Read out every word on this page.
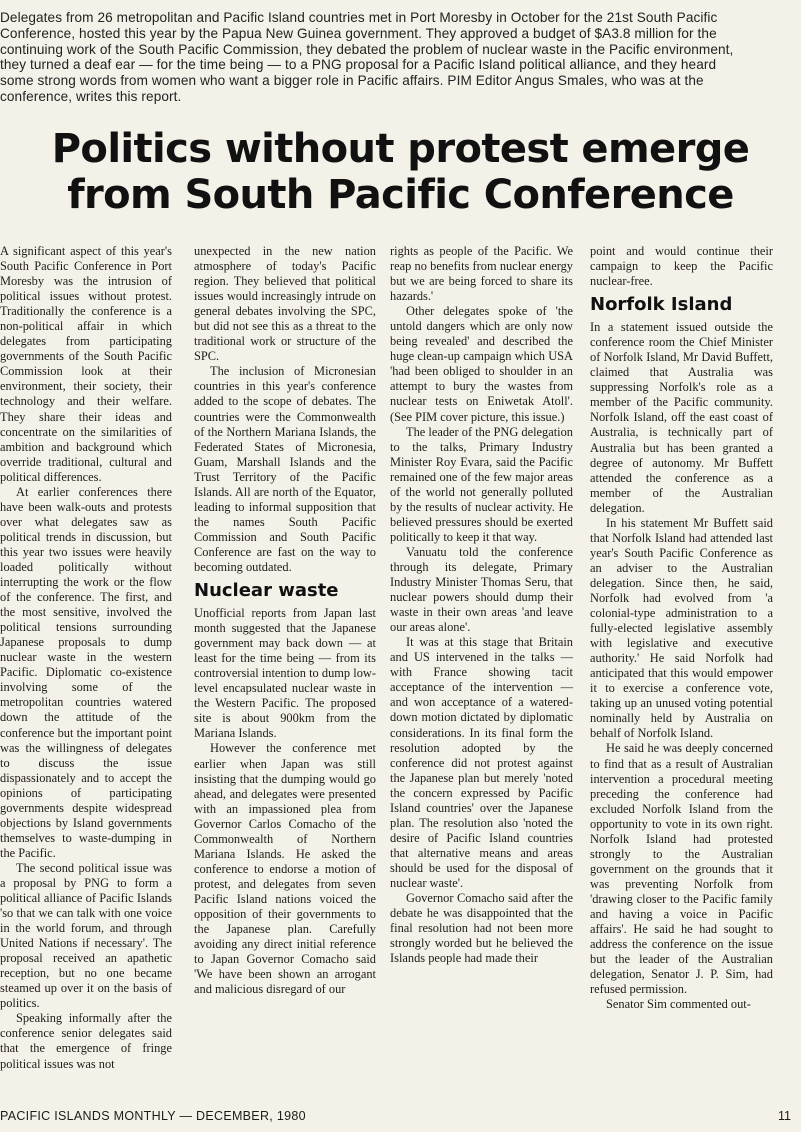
Delegates from 26 metropolitan and Pacific Island countries met in Port Moresby in October for the 21st South Pacific
Conference, hosted this year by the Papua New Guinea government. They approved a budget of $A3.8 million for the
continuing work of the South Pacific Commission, they debated the problem of nuclear waste in the Pacific environment,
they turned a deaf ear — for the time being — to a PNG proposal for a Pacific Island political alliance, and they heard
some strong words from women who want a bigger role in Pacific affairs. PIM Editor Angus Smales, who was at the
conference, writes this report.
Politics without protest emerge
from South Pacific Conference

A significant aspect of this year's South Pacific Conference in Port Moresby was the intrusion of political issues without protest. Traditionally the conference is a non-political affair in which delegates from participating governments of the South Pacific Commission look at their environment, their society, their technology and their welfare. They share their ideas and concentrate on the similarities of ambition and background which override traditional, cultural and political differences.

At earlier conferences there have been walk-outs and protests over what delegates saw as political trends in discussion, but this year two issues were heavily loaded politically without interrupting the work or the flow of the conference. The first, and the most sensitive, involved the political tensions surrounding Japanese proposals to dump nuclear waste in the western Pacific. Diplomatic co-existence involving some of the metropolitan countries watered down the attitude of the conference but the important point was the willingness of delegates to discuss the issue dispassionately and to accept the opinions of participating governments despite widespread objections by Island governments themselves to waste-dumping in the Pacific.

The second political issue was a proposal by PNG to form a political alliance of Pacific Islands 'so that we can talk with one voice in the world forum, and through United Nations if necessary'. The proposal received an apathetic reception, but no one became steamed up over it on the basis of politics.

Speaking informally after the conference senior delegates said that the emergence of fringe political issues was not

unexpected in the new nation atmosphere of today's Pacific region. They believed that political issues would increasingly intrude on general debates involving the SPC, but did not see this as a threat to the traditional work or structure of the SPC.

The inclusion of Micronesian countries in this year's conference added to the scope of debates. The countries were the Commonwealth of the Northern Mariana Islands, the Federated States of Micronesia, Guam, Marshall Islands and the Trust Territory of the Pacific Islands. All are north of the Equator, leading to informal supposition that the names South Pacific Commission and South Pacific Conference are fast on the way to becoming outdated.

Nuclear waste

Unofficial reports from Japan last month suggested that the Japanese government may back down — at least for the time being — from its controversial intention to dump low-level encapsulated nuclear waste in the Western Pacific. The proposed site is about 900km from the Mariana Islands.

However the conference met earlier when Japan was still insisting that the dumping would go ahead, and delegates were presented with an impassioned plea from Governor Carlos Comacho of the Commonwealth of Northern Mariana Islands. He asked the conference to endorse a motion of protest, and delegates from seven Pacific Island nations voiced the opposition of their governments to the Japanese plan. Carefully avoiding any direct initial reference to Japan Governor Comacho said 'We have been shown an arrogant and malicious disregard of our

rights as people of the Pacific. We reap no benefits from nuclear energy but we are being forced to share its hazards.'

Other delegates spoke of 'the untold dangers which are only now being revealed' and described the huge clean-up campaign which USA 'had been obliged to shoulder in an attempt to bury the wastes from nuclear tests on Eniwetak Atoll'. (See PIM cover picture, this issue.)

The leader of the PNG delegation to the talks, Primary Industry Minister Roy Evara, said the Pacific remained one of the few major areas of the world not generally polluted by the results of nuclear activity. He believed pressures should be exerted politically to keep it that way.

Vanuatu told the conference through its delegate, Primary Industry Minister Thomas Seru, that nuclear powers should dump their waste in their own areas 'and leave our areas alone'.

It was at this stage that Britain and US intervened in the talks — with France showing tacit acceptance of the intervention — and won acceptance of a watered-down motion dictated by diplomatic considerations. In its final form the resolution adopted by the conference did not protest against the Japanese plan but merely 'noted the concern expressed by Pacific Island countries' over the Japanese plan. The resolution also 'noted the desire of Pacific Island countries that alternative means and areas should be used for the disposal of nuclear waste'.

Governor Comacho said after the debate he was disappointed that the final resolution had not been more strongly worded but he believed the Islands people had made their

point and would continue their campaign to keep the Pacific nuclear-free.

Norfolk Island

In a statement issued outside the conference room the Chief Minister of Norfolk Island, Mr David Buffett, claimed that Australia was suppressing Norfolk's role as a member of the Pacific community. Norfolk Island, off the east coast of Australia, is technically part of Australia but has been granted a degree of autonomy. Mr Buffett attended the conference as a member of the Australian delegation.

In his statement Mr Buffett said that Norfolk Island had attended last year's South Pacific Conference as an adviser to the Australian delegation. Since then, he said, Norfolk had evolved from 'a colonial-type administration to a fully-elected legislative assembly with legislative and executive authority.' He said Norfolk had anticipated that this would empower it to exercise a conference vote, taking up an unused voting potential nominally held by Australia on behalf of Norfolk Island.

He said he was deeply concerned to find that as a result of Australian intervention a procedural meeting preceding the conference had excluded Norfolk Island from the opportunity to vote in its own right. Norfolk Island had protested strongly to the Australian government on the grounds that it was preventing Norfolk from 'drawing closer to the Pacific family and having a voice in Pacific affairs'. He said he had sought to address the conference on the issue but the leader of the Australian delegation, Senator J. P. Sim, had refused permission.

Senator Sim commented out-

PACIFIC ISLANDS MONTHLY — DECEMBER, 1980	11
